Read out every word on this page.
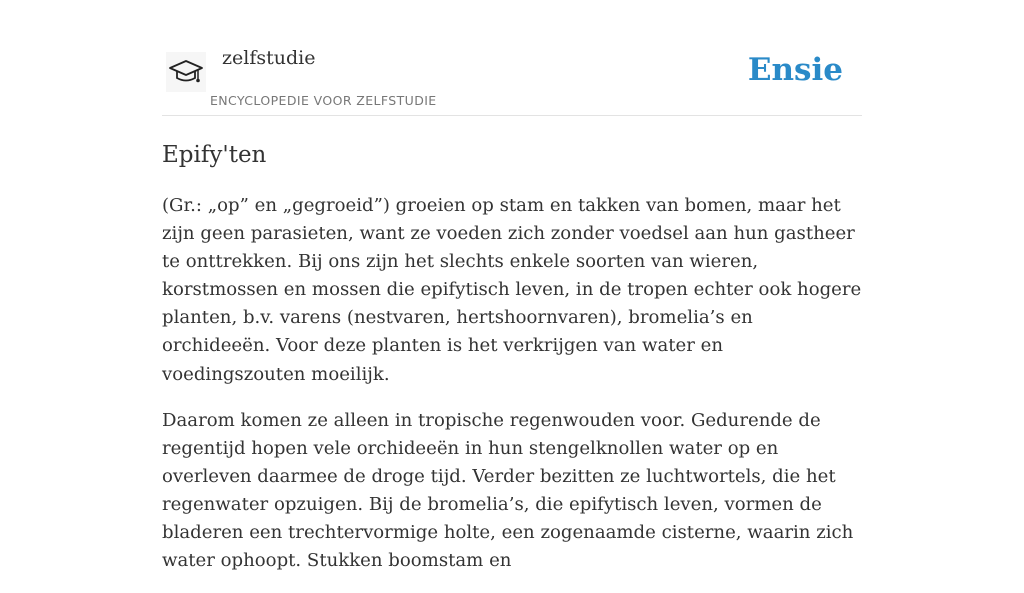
zelfstudie
ENCYCLOPEDIE VOOR ZELFSTUDIE
Ensie
Epify'ten

(Gr.: „op” en „gegroeid”) groeien op stam en takken van bomen, maar het zijn geen parasieten, want ze voeden zich zonder voedsel aan hun gastheer te onttrekken. Bij ons zijn het slechts enkele soorten van wieren, korstmossen en mossen die epifytisch leven, in de tropen echter ook hogere planten, b.v. varens (nestvaren, hertshoornvaren), bromelia’s en orchideeën. Voor deze planten is het verkrijgen van water en voedingszouten moeilijk.

Daarom komen ze alleen in tropische regenwouden voor. Gedurende de regentijd hopen vele orchideeën in hun stengelknollen water op en overleven daarmee de droge tijd. Verder bezitten ze luchtwortels, die het regenwater opzuigen. Bij de bromelia’s, die epifytisch leven, vormen de bladeren een trechtervormige holte, een zogenaamde cisterne, waarin zich water ophoopt. Stukken boomstam en
